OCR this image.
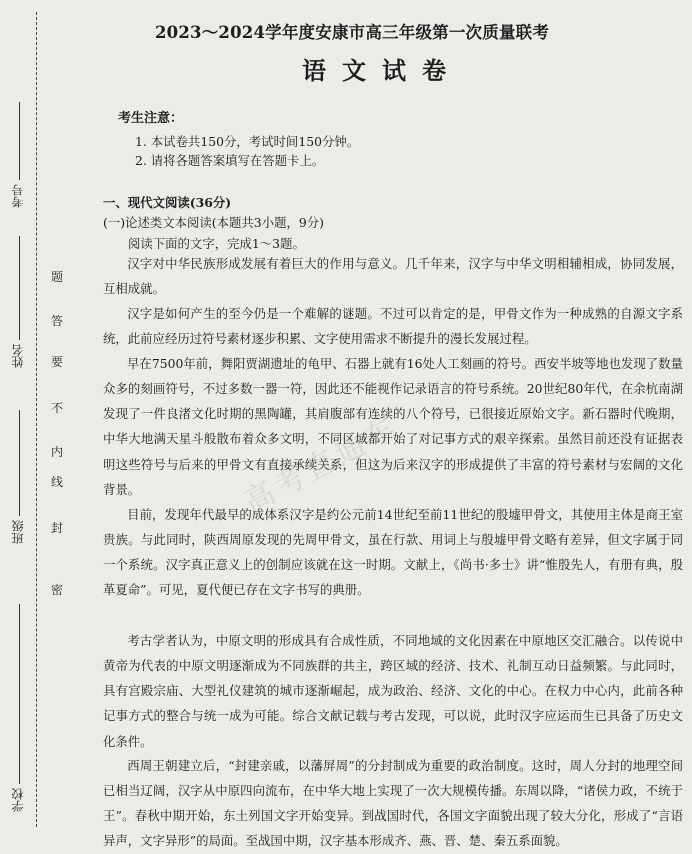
考号
姓名
班级
学校
密
封
线
内
不
要
答
题
2023～2024学年度安康市高三年级第一次质量联考
语文试卷
考生注意：
1. 本试卷共150分，考试时间150分钟。
2. 请将各题答案填写在答题卡上。
一、现代文阅读(36分)
(一)论述类文本阅读(本题共3小题，9分)
阅读下面的文字，完成1～3题。
汉字对中华民族形成发展有着巨大的作用与意义。几千年来，汉字与中华文明相辅相成，协同发展，互相成就。
汉字是如何产生的至今仍是一个难解的谜题。不过可以肯定的是，甲骨文作为一种成熟的自源文字系统，此前应经历过符号素材逐步积累、文字使用需求不断提升的漫长发展过程。
早在7500年前，舞阳贾湖遗址的龟甲、石器上就有16处人工刻画的符号。西安半坡等地也发现了数量众多的刻画符号，不过多数一器一符，因此还不能视作记录语言的符号系统。20世纪80年代，在余杭南湖发现了一件良渚文化时期的黑陶罐，其肩腹部有连续的八个符号，已很接近原始文字。新石器时代晚期，中华大地满天星斗般散布着众多文明，不同区域都开始了对记事方式的艰辛探索。虽然目前还没有证据表明这些符号与后来的甲骨文有直接承续关系，但这为后来汉字的形成提供了丰富的符号素材与宏阔的文化背景。
目前，发现年代最早的成体系汉字是约公元前14世纪至前11世纪的殷墟甲骨文，其使用主体是商王室贵族。与此同时，陕西周原发现的先周甲骨文，虽在行款、用词上与殷墟甲骨文略有差异，但文字属于同一个系统。汉字真正意义上的创制应该就在这一时期。文献上，《尚书·多士》讲“惟殷先人，有册有典，殷革夏命”。可见，夏代便已存在文字书写的典册。
考古学者认为，中原文明的形成具有合成性质，不同地域的文化因素在中原地区交汇融合。以传说中黄帝为代表的中原文明逐渐成为不同族群的共主，跨区域的经济、技术、礼制互动日益频繁。与此同时，具有宫殿宗庙、大型礼仪建筑的城市逐渐崛起，成为政治、经济、文化的中心。在权力中心内，此前各种记事方式的整合与统一成为可能。综合文献记载与考古发现，可以说，此时汉字应运而生已具备了历史文化条件。
西周王朝建立后，“封建亲戚，以藩屏周”的分封制成为重要的政治制度。这时，周人分封的地理空间已相当辽阔，汉字从中原四向流布，在中华大地上实现了一次大规模传播。东周以降，“诸侯力政，不统于王”。春秋中期开始，东土列国文字开始变异。到战国时代，各国文字面貌出现了较大分化，形成了“言语异声，文字异形”的局面。至战国中期，汉字基本形成齐、燕、晋、楚、秦五系面貌。
高考直通车
